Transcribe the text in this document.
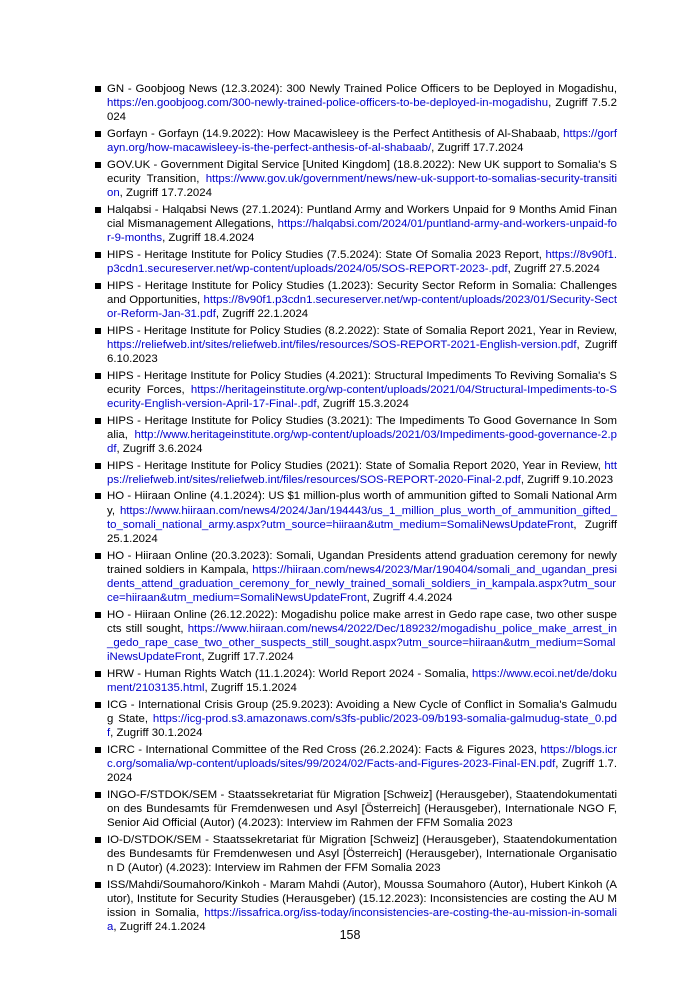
GN - Goobjoog News (12.3.2024): 300 Newly Trained Police Officers to be Deployed in Mogadishu, https://en.goobjoog.com/300-newly-trained-police-officers-to-be-deployed-in-mogadishu, Zugriff 7.5.2024
Gorfayn - Gorfayn (14.9.2022): How Macawisleey is the Perfect Antithesis of Al-Shabaab, https://gorfayn.org/how-macawisleey-is-the-perfect-anthesis-of-al-shabaab/, Zugriff 17.7.2024
GOV.UK - Government Digital Service [United Kingdom] (18.8.2022): New UK support to Somalia's Security Transition, https://www.gov.uk/government/news/new-uk-support-to-somalias-security-transition, Zugriff 17.7.2024
Halqabsi - Halqabsi News (27.1.2024): Puntland Army and Workers Unpaid for 9 Months Amid Financial Mismanagement Allegations, https://halqabsi.com/2024/01/puntland-army-and-workers-unpaid-for-9-months, Zugriff 18.4.2024
HIPS - Heritage Institute for Policy Studies (7.5.2024): State Of Somalia 2023 Report, https://8v90f1.p3cdn1.secureserver.net/wp-content/uploads/2024/05/SOS-REPORT-2023-.pdf, Zugriff 27.5.2024
HIPS - Heritage Institute for Policy Studies (1.2023): Security Sector Reform in Somalia: Challenges and Opportunities, https://8v90f1.p3cdn1.secureserver.net/wp-content/uploads/2023/01/Security-Sector-Reform-Jan-31.pdf, Zugriff 22.1.2024
HIPS - Heritage Institute for Policy Studies (8.2.2022): State of Somalia Report 2021, Year in Review, https://reliefweb.int/sites/reliefweb.int/files/resources/SOS-REPORT-2021-English-version.pdf, Zugriff 6.10.2023
HIPS - Heritage Institute for Policy Studies (4.2021): Structural Impediments To Reviving Somalia's Security Forces, https://heritageinstitute.org/wp-content/uploads/2021/04/Structural-Impediments-to-Security-English-version-April-17-Final-.pdf, Zugriff 15.3.2024
HIPS - Heritage Institute for Policy Studies (3.2021): The Impediments To Good Governance In Somalia, http://www.heritageinstitute.org/wp-content/uploads/2021/03/Impediments-good-governance-2.pdf, Zugriff 3.6.2024
HIPS - Heritage Institute for Policy Studies (2021): State of Somalia Report 2020, Year in Review, https://reliefweb.int/sites/reliefweb.int/files/resources/SOS-REPORT-2020-Final-2.pdf, Zugriff 9.10.2023
HO - Hiiraan Online (4.1.2024): US $1 million-plus worth of ammunition gifted to Somali National Army, https://www.hiiraan.com/news4/2024/Jan/194443/us_1_million_plus_worth_of_ammunition_gifted_to_somali_national_army.aspx?utm_source=hiiraan&utm_medium=SomaliNewsUpdateFront, Zugriff 25.1.2024
HO - Hiiraan Online (20.3.2023): Somali, Ugandan Presidents attend graduation ceremony for newly trained soldiers in Kampala, https://hiiraan.com/news4/2023/Mar/190404/somali_and_ugandan_presidents_attend_graduation_ceremony_for_newly_trained_somali_soldiers_in_kampala.aspx?utm_source=hiiraan&utm_medium=SomaliNewsUpdateFront, Zugriff 4.4.2024
HO - Hiiraan Online (26.12.2022): Mogadishu police make arrest in Gedo rape case, two other suspects still sought, https://www.hiiraan.com/news4/2022/Dec/189232/mogadishu_police_make_arrest_in_gedo_rape_case_two_other_suspects_still_sought.aspx?utm_source=hiiraan&utm_medium=SomaliNewsUpdateFront, Zugriff 17.7.2024
HRW - Human Rights Watch (11.1.2024): World Report 2024 - Somalia, https://www.ecoi.net/de/dokument/2103135.html, Zugriff 15.1.2024
ICG - International Crisis Group (25.9.2023): Avoiding a New Cycle of Conflict in Somalia's Galmudug State, https://icg-prod.s3.amazonaws.com/s3fs-public/2023-09/b193-somalia-galmudug-state_0.pdf, Zugriff 30.1.2024
ICRC - International Committee of the Red Cross (26.2.2024): Facts & Figures 2023, https://blogs.icrc.org/somalia/wp-content/uploads/sites/99/2024/02/Facts-and-Figures-2023-Final-EN.pdf, Zugriff 1.7.2024
INGO-F/STDOK/SEM - Staatssekretariat für Migration [Schweiz] (Herausgeber), Staatendokumentation des Bundesamts für Fremdenwesen und Asyl [Österreich] (Herausgeber), Internationale NGO F, Senior Aid Official (Autor) (4.2023): Interview im Rahmen der FFM Somalia 2023
IO-D/STDOK/SEM - Staatssekretariat für Migration [Schweiz] (Herausgeber), Staatendokumentation des Bundesamts für Fremdenwesen und Asyl [Österreich] (Herausgeber), Internationale Organisation D (Autor) (4.2023): Interview im Rahmen der FFM Somalia 2023
ISS/Mahdi/Soumahoro/Kinkoh - Maram Mahdi (Autor), Moussa Soumahoro (Autor), Hubert Kinkoh (Autor), Institute for Security Studies (Herausgeber) (15.12.2023): Inconsistencies are costing the AU Mission in Somalia, https://issafrica.org/iss-today/inconsistencies-are-costing-the-au-mission-in-somalia, Zugriff 24.1.2024
158
